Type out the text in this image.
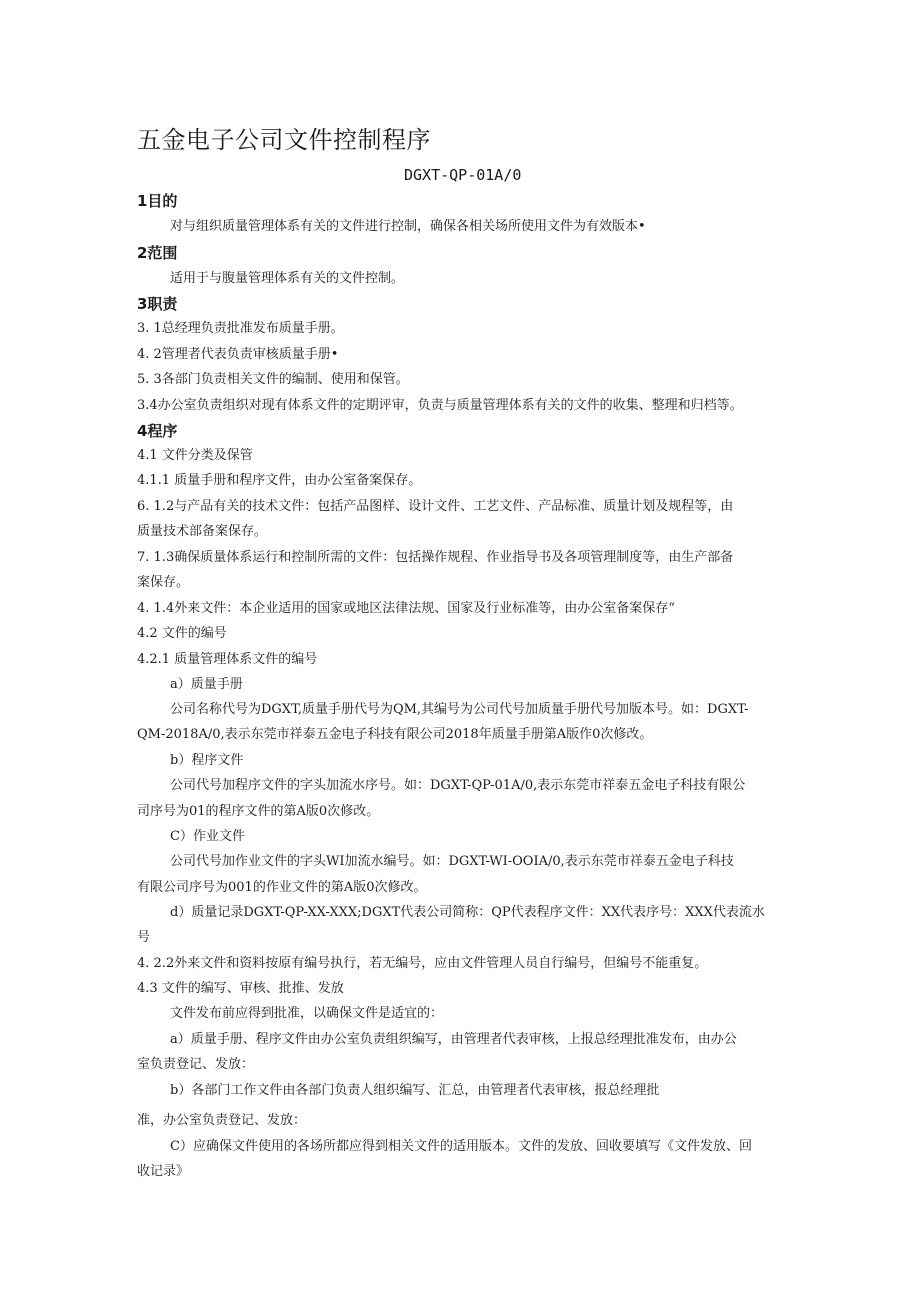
五金电子公司文件控制程序
DGXT-QP-01A/0
1目的
对与组织质量管理体系有关的文件进行控制，确保各相关场所使用文件为有效版本•
2范围
适用于与腹量管理体系有关的文件控制。
3职责
3. 1总经理负责批准发布质量手册。
4. 2管理者代表负责审核质量手册•
5. 3各部门负责相关文件的编制、使用和保管。
3.4办公室负责组织对现有体系文件的定期评审，负责与质量管理体系有关的文件的收集、整理和归档等。
4程序
4.1 文件分类及保管
4.1.1 质量手册和程序文件，由办公室备案保存。
6. 1.2与产品有关的技术文件：包括产品图样、设计文件、工艺文件、产品标准、质量计划及规程等，由
质量技术部备案保存。
7. 1.3确保质量体系运行和控制所需的文件：包括操作规程、作业指导书及各项管理制度等，由生产部备
案保存。
4. 1.4外来文件：本企业适用的国家或地区法律法规、国家及行业标准等，由办公室备案保存“
4.2 文件的编号
4.2.1 质量管理体系文件的编号
a）质量手册
公司名称代号为DGXT,质量手册代号为QM,其编号为公司代号加质量手册代号加版本号。如：DGXT-
QM-2018A/0,表示东莞市祥泰五金电子科技有限公司2018年质量手册第A版作0次修改。
b）程序文件
公司代号加程序文件的字头加流水序号。如：DGXT-QP-01A/0,表示东莞市祥泰五金电子科技有限公
司序号为01的程序文件的第A版0次修改。
C）作业文件
公司代号加作业文件的字头WI加流水编号。如：DGXT-WI-OOIA/0,表示东莞市祥泰五金电子科技
有限公司序号为001的作业文件的第A版0次修改。
d）质量记录DGXT-QP-XX-XXX;DGXT代表公司简称：QP代表程序文件：XX代表序号：XXX代表流水
号
4. 2.2外来文件和资料按原有编号执行，若无编号，应由文件管理人员自行编号，但编号不能重复。
4.3 文件的编写、审核、批推、发放
文件发布前应得到批准，以确保文件是适宜的：
a）质量手册、程序文件由办公室负责组织编写，由管理者代表审核，上报总经理批准发布，由办公
室负责登记、发放：
b）各部门工作文件由各部门负责人组织编写、汇总，由管理者代表审核，报总经理批
准，办公室负责登记、发放：
C）应确保文件使用的各场所都应得到相关文件的适用版本。文件的发放、回收要填写《文件发放、回
收记录》
